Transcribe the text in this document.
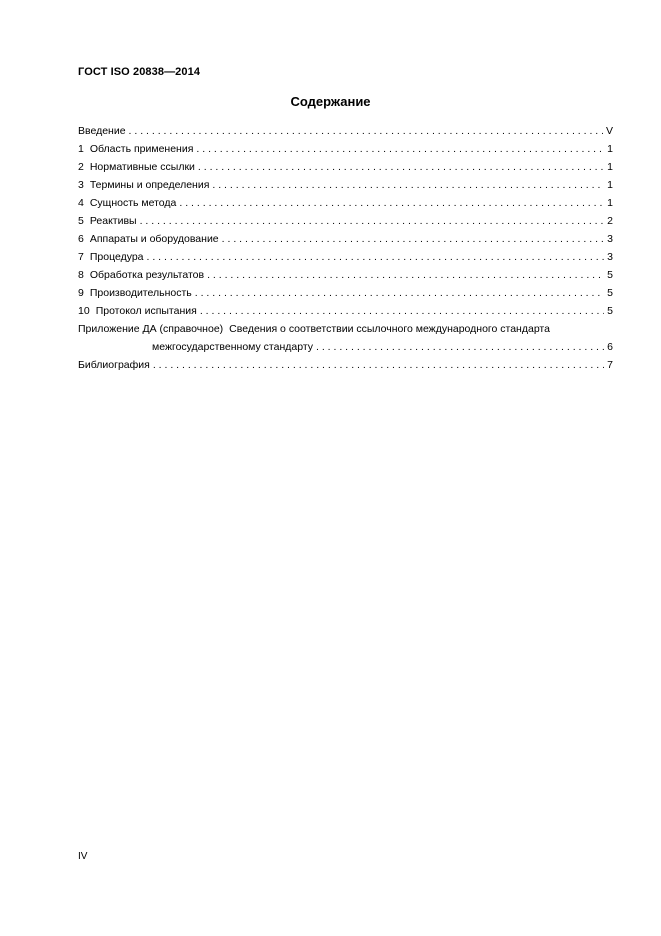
ГОСТ ISO 20838—2014
Содержание
Введение . . .	V
1 Область применения . . .	1
2 Нормативные ссылки . . .	1
3 Термины и определения . . .	1
4 Сущность метода . . .	1
5 Реактивы . . .	2
6 Аппараты и оборудование . . .	3
7 Процедура . . .	3
8 Обработка результатов . . .	5
9 Производительность . . .	5
10 Протокол испытания . . .	5
Приложение ДА (справочное) Сведения о соответствии ссылочного международного стандарта
межгосударственному стандарту . . .	6
Библиография . . .	7
IV
